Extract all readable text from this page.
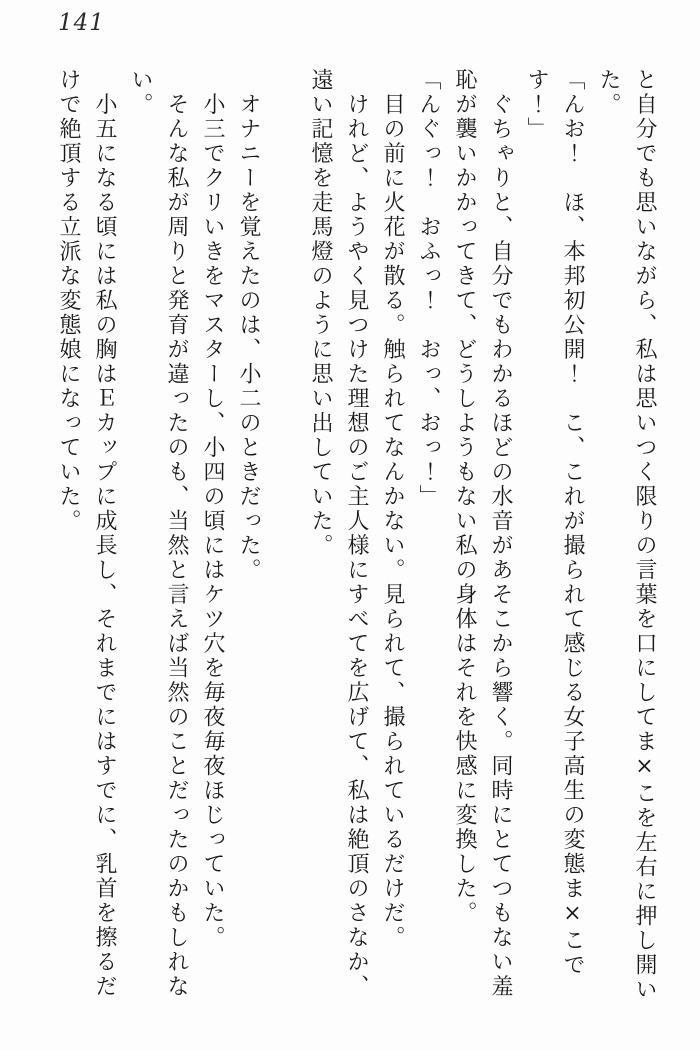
141
と自分でも思いながら、私は思いつく限りの言葉を口にしてま×こを左右に押し開い
た。
「んお！　ほ、本邦初公開！　こ、これが撮られて感じる女子高生の変態ま×こで
す！」
　ぐちゃりと、自分でもわかるほどの水音があそこから響く。同時にとてつもない羞
恥が襲いかかってきて、どうしようもない私の身体はそれを快感に変換した。
「んぐっ！　おふっ！　おっ、おっ！」
　目の前に火花が散る。触られてなんかない。見られて、撮られているだけだ。
　けれど、ようやく見つけた理想のご主人様にすべてを広げて、私は絶頂のさなか、
遠い記憶を走馬燈のように思い出していた。
　オナニーを覚えたのは、小二のときだった。
　小三でクリいきをマスターし、小四の頃にはケツ穴を毎夜毎夜ほじっていた。
　そんな私が周りと発育が違ったのも、当然と言えば当然のことだったのかもしれな
い。
　小五になる頃には私の胸はＥカップに成長し、それまでにはすでに、乳首を擦るだ
けで絶頂する立派な変態娘になっていた。
